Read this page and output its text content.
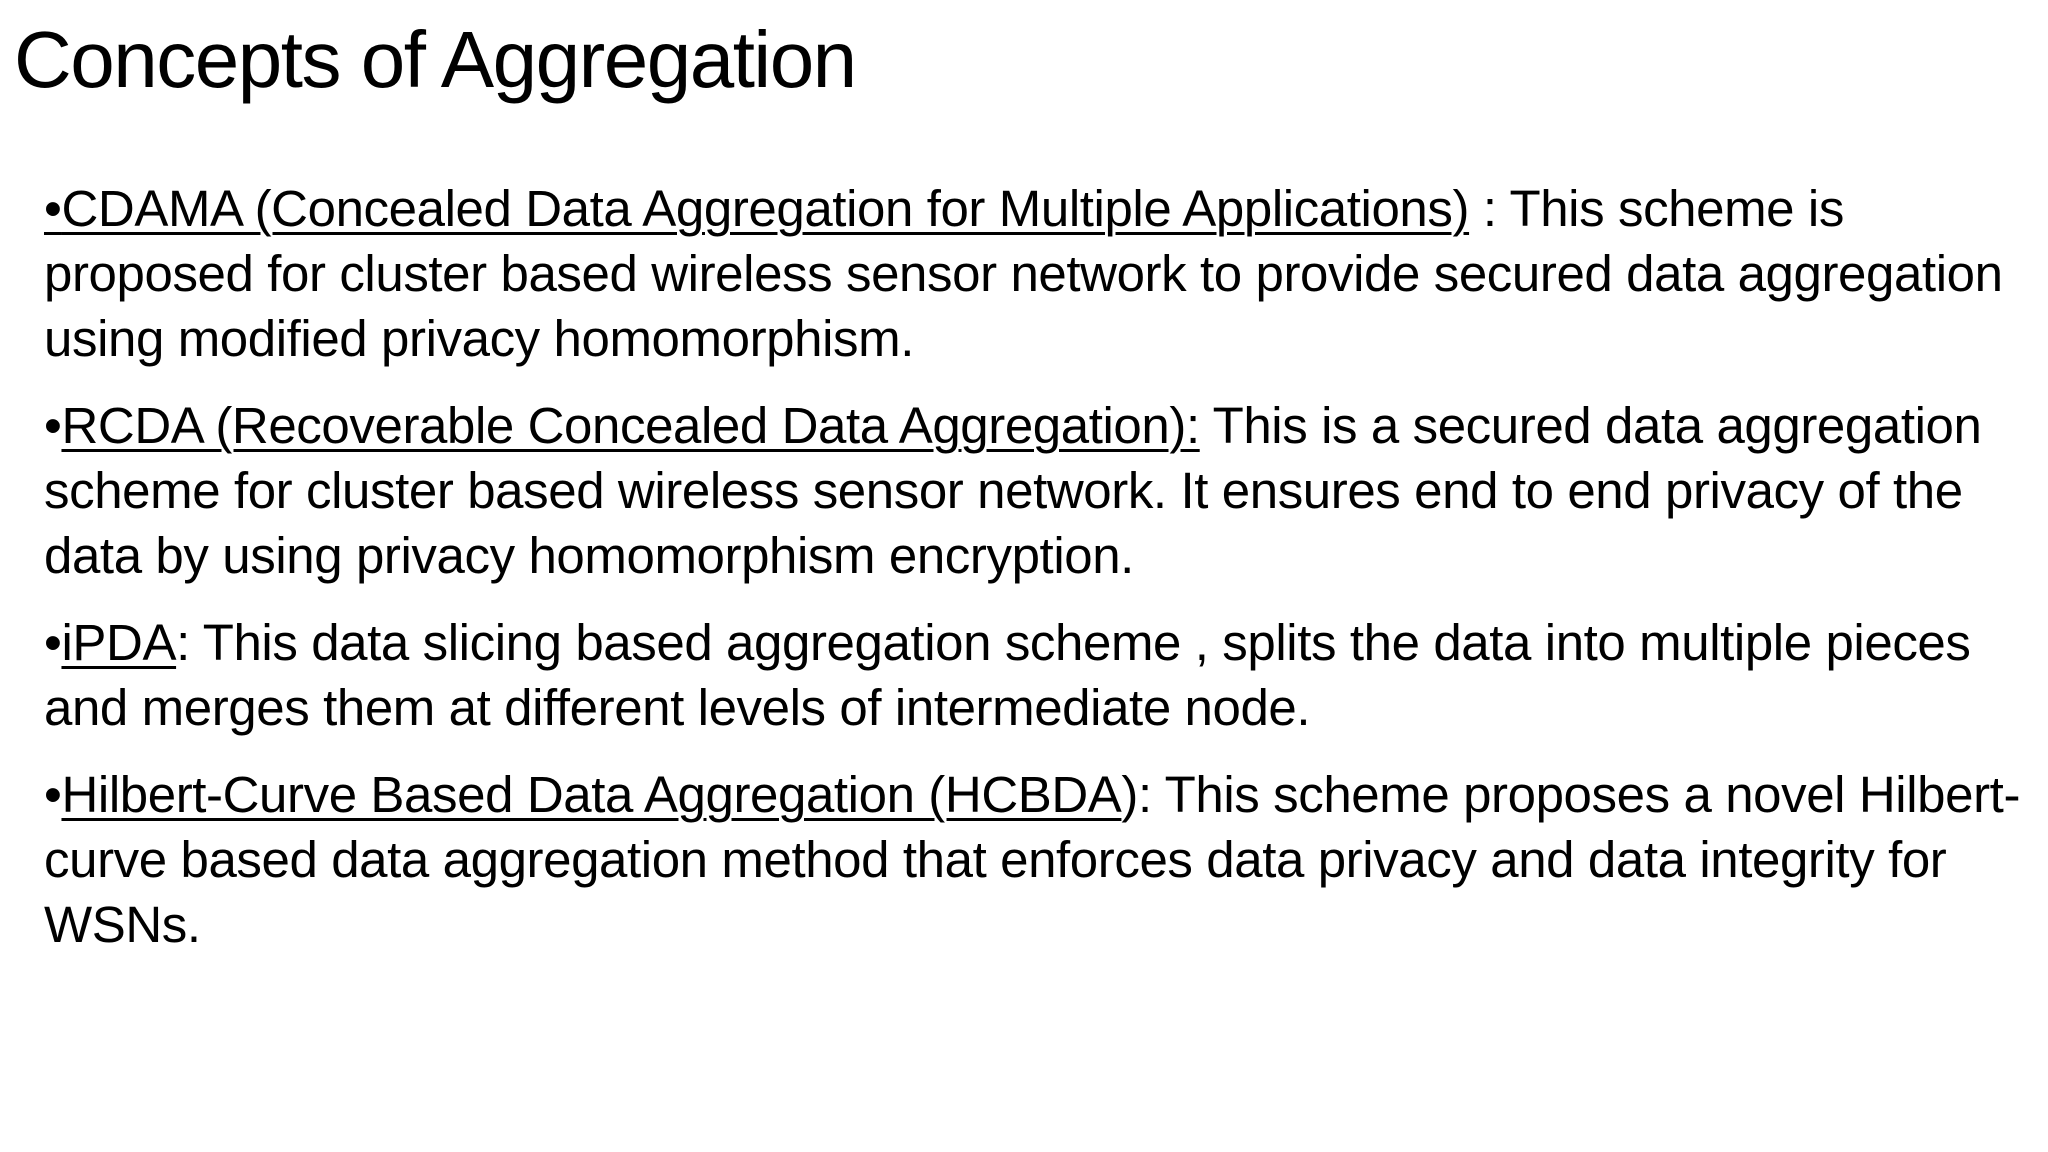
Concepts of Aggregation

•CDAMA (Concealed Data Aggregation for Multiple Applications) : This scheme is proposed for cluster based wireless sensor network to provide secured data aggregation using modified privacy homomorphism.

•RCDA (Recoverable Concealed Data Aggregation): This is a secured data aggregation scheme for cluster based wireless sensor network. It ensures end to end privacy of the data by using privacy homomorphism encryption.

•iPDA: This data slicing based aggregation scheme , splits the data into multiple pieces and merges them at different levels of intermediate node.

•Hilbert-Curve Based Data Aggregation (HCBDA): This scheme proposes a novel Hilbert-curve based data aggregation method that enforces data privacy and data integrity for WSNs.
